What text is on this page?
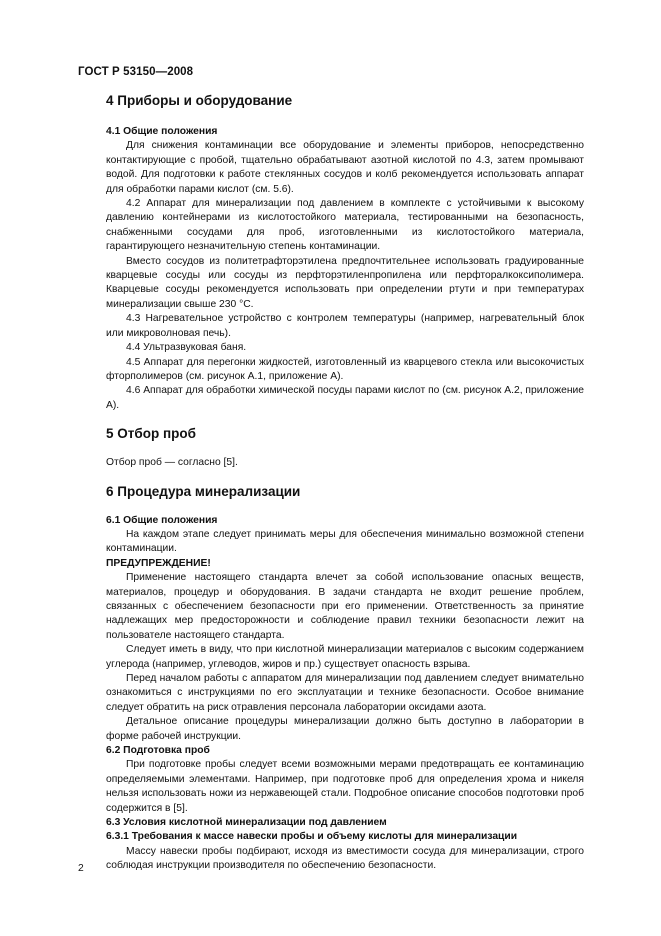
ГОСТ Р 53150—2008
4 Приборы и оборудование
4.1 Общие положения

Для снижения контаминации все оборудование и элементы приборов, непосредственно контактирующие с пробой, тщательно обрабатывают азотной кислотой по 4.3, затем промывают водой. Для подготовки к работе стеклянных сосудов и колб рекомендуется использовать аппарат для обработки парами кислот (см. 5.6).

4.2 Аппарат для минерализации под давлением в комплекте с устойчивыми к высокому давлению контейнерами из кислотостойкого материала, тестированными на безопасность, снабженными сосудами для проб, изготовленными из кислотостойкого материала, гарантирующего незначительную степень контаминации.

Вместо сосудов из политетрафторэтилена предпочтительнее использовать градуированные кварцевые сосуды или сосуды из перфторэтиленпропилена или перфторалкоксиполимера. Кварцевые сосуды рекомендуется использовать при определении ртути и при температурах минерализации свыше 230 °C.

4.3 Нагревательное устройство с контролем температуры (например, нагревательный блок или микроволновая печь).

4.4 Ультразвуковая баня.

4.5 Аппарат для перегонки жидкостей, изготовленный из кварцевого стекла или высокочистых фторполимеров (см. рисунок А.1, приложение А).

4.6 Аппарат для обработки химической посуды парами кислот по (см. рисунок А.2, приложение А).

5 Отбор проб

Отбор проб — согласно [5].

6 Процедура минерализации
6.1 Общие положения

На каждом этапе следует принимать меры для обеспечения минимально возможной степени контаминации.

ПРЕДУПРЕЖДЕНИЕ!

Применение настоящего стандарта влечет за собой использование опасных веществ, материалов, процедур и оборудования. В задачи стандарта не входит решение проблем, связанных с обеспечением безопасности при его применении. Ответственность за принятие надлежащих мер предосторожности и соблюдение правил техники безопасности лежит на пользователе настоящего стандарта.

Следует иметь в виду, что при кислотной минерализации материалов с высоким содержанием углерода (например, углеводов, жиров и пр.) существует опасность взрыва.

Перед началом работы с аппаратом для минерализации под давлением следует внимательно ознакомиться с инструкциями по его эксплуатации и технике безопасности. Особое внимание следует обратить на риск отравления персонала лаборатории оксидами азота.

Детальное описание процедуры минерализации должно быть доступно в лаборатории в форме рабочей инструкции.

6.2 Подготовка проб

При подготовке пробы следует всеми возможными мерами предотвращать ее контаминацию определяемыми элементами. Например, при подготовке проб для определения хрома и никеля нельзя использовать ножи из нержавеющей стали. Подробное описание способов подготовки проб содержится в [5].

6.3 Условия кислотной минерализации под давлением
6.3.1 Требования к массе навески пробы и объему кислоты для минерализации

Массу навески пробы подбирают, исходя из вместимости сосуда для минерализации, строго соблюдая инструкции производителя по обеспечению безопасности.

2
